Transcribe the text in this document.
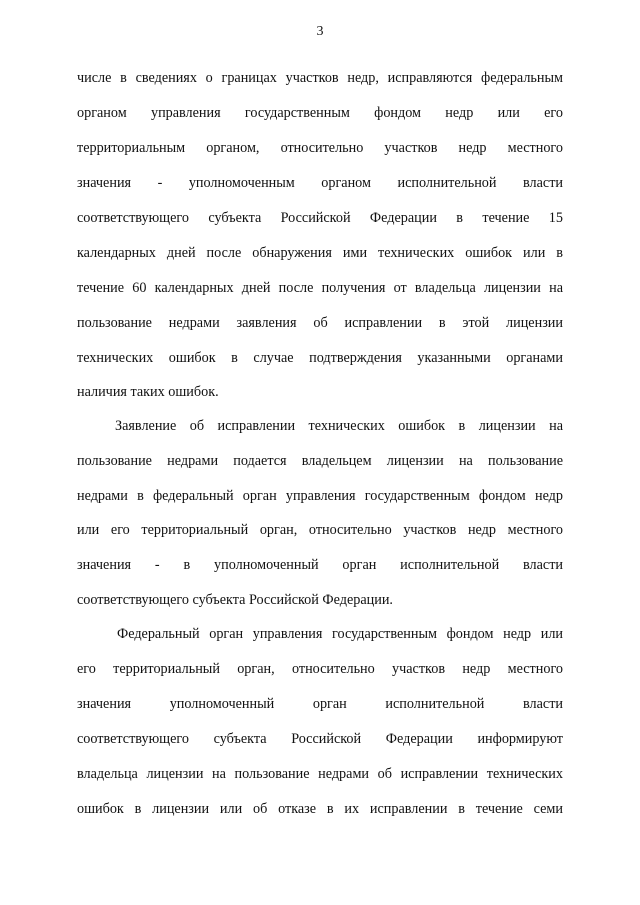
3
числе в сведениях о границах участков недр, исправляются федеральным
органом управления государственным фондом недр или его
территориальным органом, относительно участков недр местного
значения - уполномоченным органом исполнительной власти
соответствующего субъекта Российской Федерации в течение 15
календарных дней после обнаружения ими технических ошибок или в
течение 60 календарных дней после получения от владельца лицензии на
пользование недрами заявления об исправлении в этой лицензии
технических ошибок в случае подтверждения указанными органами
наличия таких ошибок.
Заявление об исправлении технических ошибок в лицензии на
пользование недрами подается владельцем лицензии на пользование
недрами в федеральный орган управления государственным фондом недр
или его территориальный орган, относительно участков недр местного
значения - в уполномоченный орган исполнительной власти
соответствующего субъекта Российской Федерации.
Федеральный орган управления государственным фондом недр или
его территориальный орган, относительно участков недр местного
значения уполномоченный орган исполнительной власти
соответствующего субъекта Российской Федерации информируют
владельца лицензии на пользование недрами об исправлении технических
ошибок в лицензии или об отказе в их исправлении в течение семи
